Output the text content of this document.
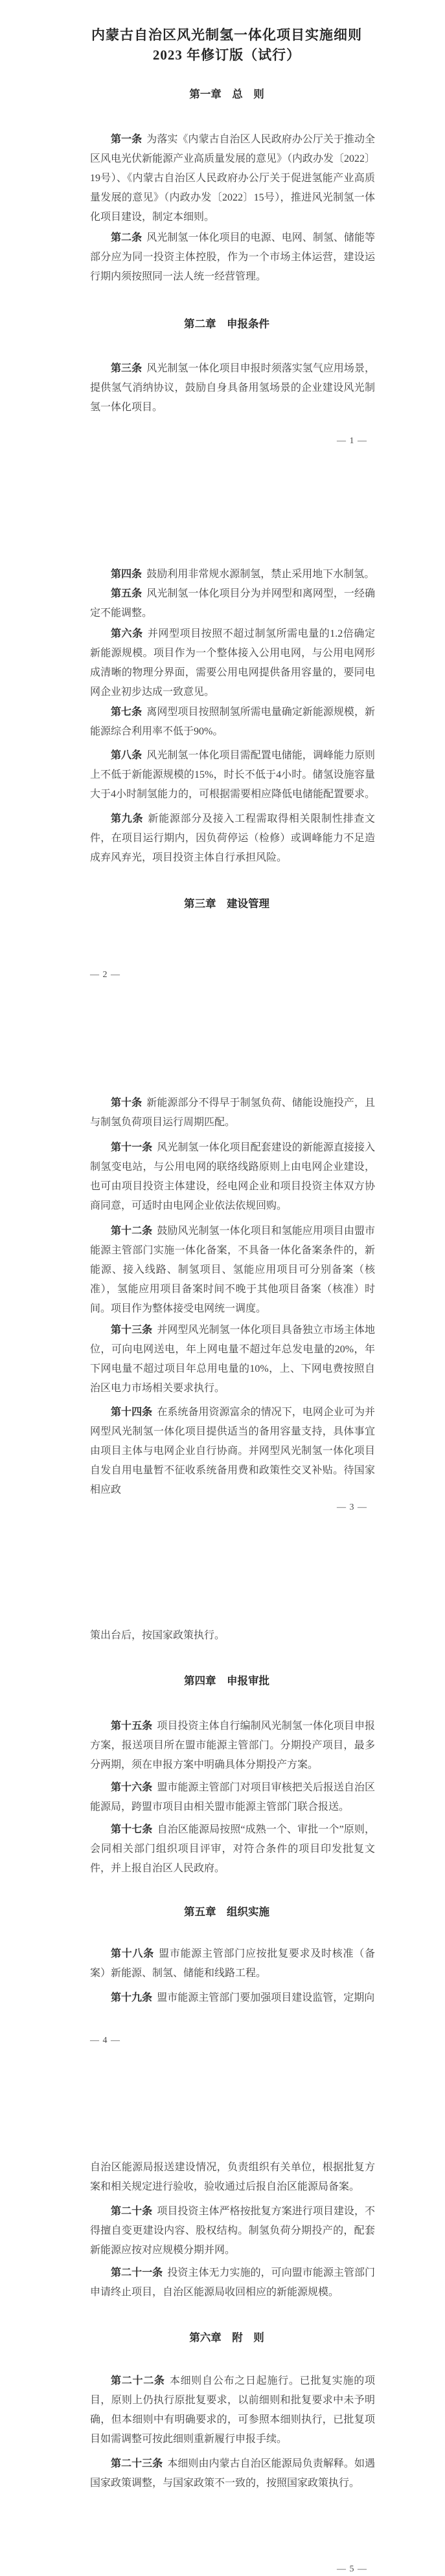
内蒙古自治区风光制氢一体化项目实施细则
2023 年修订版（试行）
第一章　总　则
第一条 为落实《内蒙古自治区人民政府办公厅关于推动全区风电光伏新能源产业高质量发展的意见》（内政办发〔2022〕19号）、《内蒙古自治区人民政府办公厅关于促进氢能产业高质量发展的意见》（内政办发〔2022〕15号），推进风光制氢一体化项目建设，制定本细则。
第二条 风光制氢一体化项目的电源、电网、制氢、储能等部分应为同一投资主体控股，作为一个市场主体运营，建设运行期内须按照同一法人统一经营管理。
第二章　申报条件
第三条 风光制氢一体化项目申报时须落实氢气应用场景，提供氢气消纳协议，鼓励自身具备用氢场景的企业建设风光制氢一体化项目。
— 1 —
第四条 鼓励利用非常规水源制氢，禁止采用地下水制氢。
第五条 风光制氢一体化项目分为并网型和离网型，一经确定不能调整。
第六条 并网型项目按照不超过制氢所需电量的1.2倍确定新能源规模。项目作为一个整体接入公用电网，与公用电网形成清晰的物理分界面，需要公用电网提供备用容量的，要同电网企业初步达成一致意见。
第七条 离网型项目按照制氢所需电量确定新能源规模，新能源综合利用率不低于90%。
第八条 风光制氢一体化项目需配置电储能，调峰能力原则上不低于新能源规模的15%，时长不低于4小时。储氢设施容量大于4小时制氢能力的，可根据需要相应降低电储能配置要求。
第九条 新能源部分及接入工程需取得相关限制性排查文件，在项目运行期内，因负荷停运（检修）或调峰能力不足造成弃风弃光，项目投资主体自行承担风险。
第三章　建设管理
— 2 —
第十条 新能源部分不得早于制氢负荷、储能设施投产，且与制氢负荷项目运行周期匹配。
第十一条 风光制氢一体化项目配套建设的新能源直接接入制氢变电站，与公用电网的联络线路原则上由电网企业建设，也可由项目投资主体建设，经电网企业和项目投资主体双方协商同意，可适时由电网企业依法依规回购。
第十二条 鼓励风光制氢一体化项目和氢能应用项目由盟市能源主管部门实施一体化备案，不具备一体化备案条件的，新能源、接入线路、制氢项目、氢能应用项目可分别备案（核准），氢能应用项目备案时间不晚于其他项目备案（核准）时间。项目作为整体接受电网统一调度。
第十三条 并网型风光制氢一体化项目具备独立市场主体地位，可向电网送电，年上网电量不超过年总发电量的20%，年下网电量不超过项目年总用电量的10%，上、下网电费按照自治区电力市场相关要求执行。
第十四条 在系统备用资源富余的情况下，电网企业可为并网型风光制氢一体化项目提供适当的备用容量支持，具体事宜由项目主体与电网企业自行协商。并网型风光制氢一体化项目自发自用电量暂不征收系统备用费和政策性交叉补贴。待国家相应政
— 3 —
策出台后，按国家政策执行。
第四章　申报审批
第十五条 项目投资主体自行编制风光制氢一体化项目申报方案，报送项目所在盟市能源主管部门。分期投产项目，最多分两期，须在申报方案中明确具体分期投产方案。
第十六条 盟市能源主管部门对项目审核把关后报送自治区能源局，跨盟市项目由相关盟市能源主管部门联合报送。
第十七条 自治区能源局按照“成熟一个、审批一个”原则，会同相关部门组织项目评审，对符合条件的项目印发批复文件，并上报自治区人民政府。
第五章　组织实施
第十八条 盟市能源主管部门应按批复要求及时核准（备案）新能源、制氢、储能和线路工程。
第十九条 盟市能源主管部门要加强项目建设监管，定期向
— 4 —
自治区能源局报送建设情况，负责组织有关单位，根据批复方案和相关规定进行验收，验收通过后报自治区能源局备案。
第二十条 项目投资主体严格按批复方案进行项目建设，不得擅自变更建设内容、股权结构。制氢负荷分期投产的，配套新能源应按对应规模分期并网。
第二十一条 投资主体无力实施的，可向盟市能源主管部门申请终止项目，自治区能源局收回相应的新能源规模。
第六章　附　则
第二十二条 本细则自公布之日起施行。已批复实施的项目，原则上仍执行原批复要求，以前细则和批复要求中未予明确，但本细则中有明确要求的，可参照本细则执行，已批复项目如需调整可按此细则重新履行申报手续。
第二十三条 本细则由内蒙古自治区能源局负责解释。如遇国家政策调整，与国家政策不一致的，按照国家政策执行。
— 5 —
